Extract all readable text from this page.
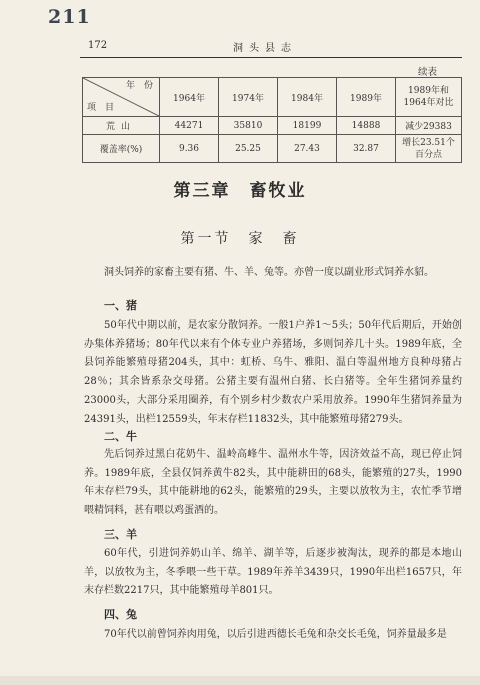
211
172	洞头县志
续表
年　份
项　目	1964年	1974年	1984年	1989年	1989年和
1964年对比
荒山	44271	35810	18199	14888	减少29383
覆盖率(%)	9.36	25.25	27.43	32.87	增长23.51个
百分点
第三章　畜牧业
第一节　家　畜
洞头饲养的家畜主要有猪、牛、羊、兔等。亦曾一度以副业形式饲养水貂。
一、猪
50年代中期以前，是农家分散饲养。一般1户养1～5头；50年代后期后，开始创办集体养猪场；80年代以来有个体专业户养猪场，多则饲养几十头。1989年底，全县饲养能繁殖母猪204头，其中：虹桥、乌牛、雅阳、温白等温州地方良种母猪占28％；其余皆系杂交母猪。公猪主要有温州白猪、长白猪等。全年生猪饲养量约23000头，大部分采用圈养，有个别乡村少数农户采用放养。1990年生猪饲养量为24391头，出栏12559头，年末存栏11832头，其中能繁殖母猪279头。
二、牛
先后饲养过黑白花奶牛、温岭高峰牛、温州水牛等，因济效益不高，现已停止饲养。1989年底，全县仅饲养黄牛82头，其中能耕田的68头，能繁殖的27头，1990年末存栏79头，其中能耕地的62头，能繁殖的29头，主要以放牧为主，农忙季节增喂精饲料，甚有喂以鸡蛋酒的。
三、羊
60年代，引进饲养奶山羊、绵羊、湖羊等，后逐步被淘汰，现养的都是本地山羊，以放牧为主，冬季喂一些干草。1989年养羊3439只，1990年出栏1657只，年末存栏数2217只，其中能繁殖母羊801只。
四、兔
70年代以前曾饲养肉用兔，以后引进西德长毛兔和杂交长毛兔，饲养量最多是
